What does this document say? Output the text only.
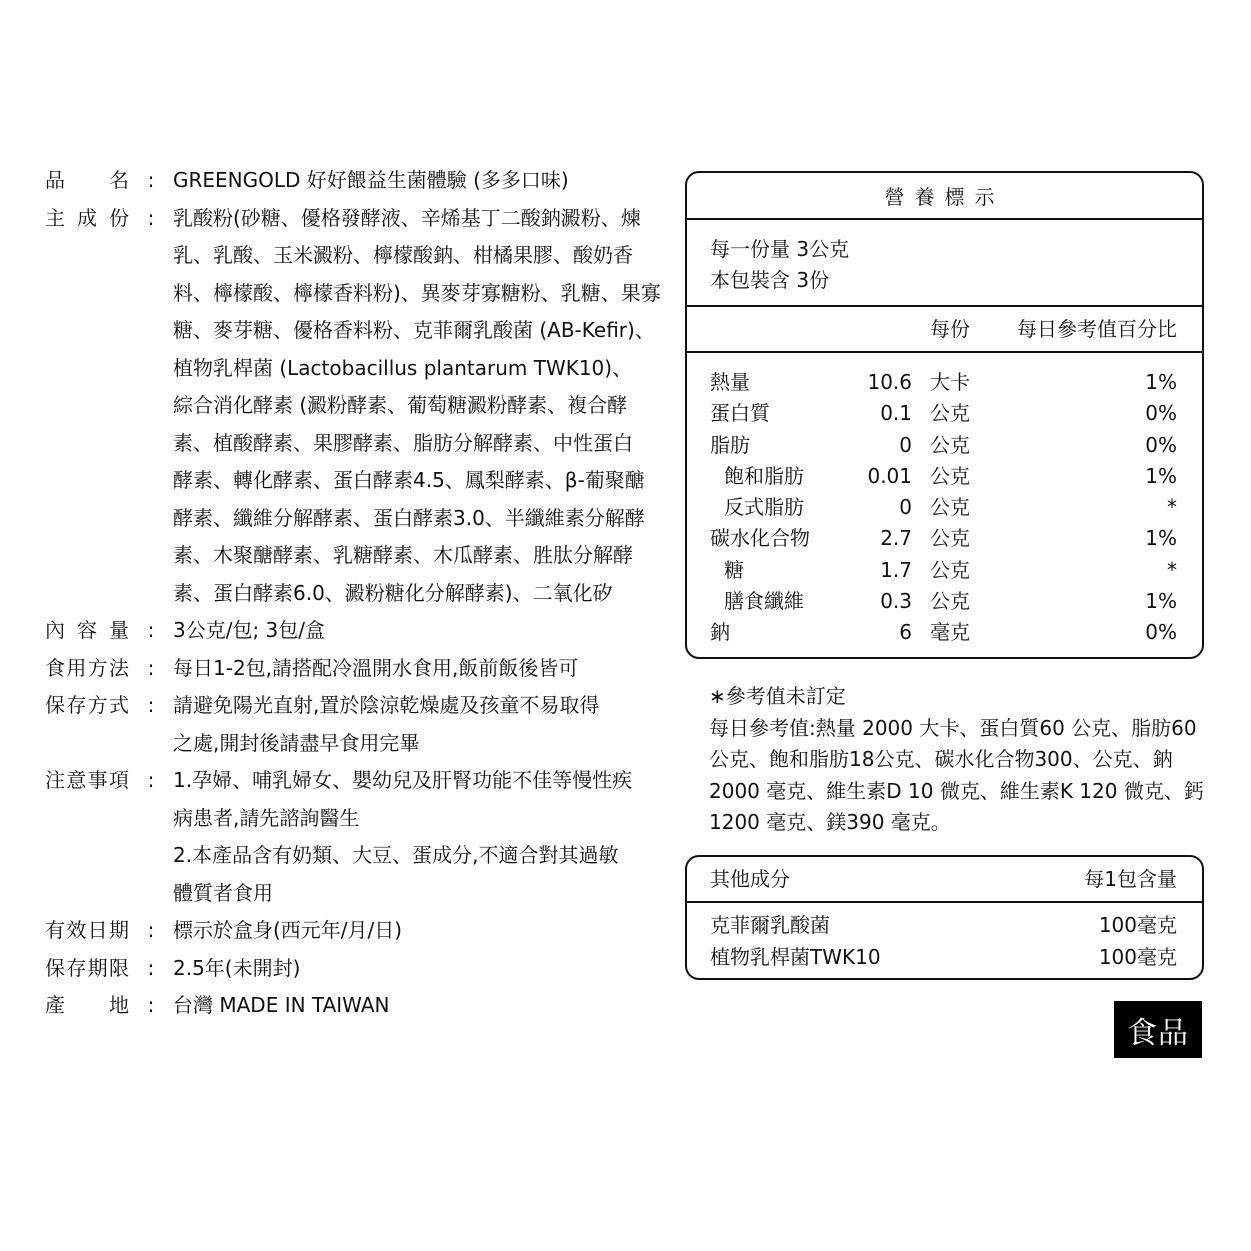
品名 : GREENGOLD 好好餵益生菌體驗 (多多口味)
主成份 : 乳酸粉(砂糖、優格發酵液、辛烯基丁二酸鈉澱粉、煉
乳、乳酸、玉米澱粉、檸檬酸鈉、柑橘果膠、酸奶香
料、檸檬酸、檸檬香料粉)、異麥芽寡糖粉、乳糖、果寡
糖、麥芽糖、優格香料粉、克菲爾乳酸菌 (AB-Kefir)、
植物乳桿菌 (Lactobacillus plantarum TWK10)、
綜合消化酵素 (澱粉酵素、葡萄糖澱粉酵素、複合酵
素、植酸酵素、果膠酵素、脂肪分解酵素、中性蛋白
酵素、轉化酵素、蛋白酵素4.5、鳳梨酵素、β-葡聚醣
酵素、纖維分解酵素、蛋白酵素3.0、半纖維素分解酵
素、木聚醣酵素、乳糖酵素、木瓜酵素、胜肽分解酵
素、蛋白酵素6.0、澱粉糖化分解酵素)、二氧化矽
內容量 : 3公克/包; 3包/盒
食用方法 : 每日1-2包,請搭配冷溫開水食用,飯前飯後皆可
保存方式 : 請避免陽光直射,置於陰涼乾燥處及孩童不易取得
之處,開封後請盡早食用完畢
注意事項 : 1.孕婦、哺乳婦女、嬰幼兒及肝腎功能不佳等慢性疾
病患者,請先諮詢醫生
2.本產品含有奶類、大豆、蛋成分,不適合對其過敏
體質者食用
有效日期 : 標示於盒身(西元年/月/日)
保存期限 : 2.5年(未開封)
產地 : 台灣 MADE IN TAIWAN
營養標示
每一份量 3公克
本包裝含 3份
每份 每日參考值百分比
熱量	10.6 大卡	1%
蛋白質	0.1 公克	0%
脂肪	0 公克	0%
飽和脂肪	0.01 公克	1%
反式脂肪	0 公克	*
碳水化合物	2.7 公克	1%
糖	1.7 公克	*
膳食纖維	0.3 公克	1%
鈉	6 毫克	0%
∗參考值未訂定
每日參考值:熱量 2000 大卡、蛋白質60 公克、脂肪60
公克、飽和脂肪18公克、碳水化合物300、公克、鈉
2000 毫克、維生素D 10 微克、維生素K 120 微克、鈣
1200 毫克、鎂390 毫克。
其他成分	每1包含量
克菲爾乳酸菌	100毫克
植物乳桿菌TWK10	100毫克
食品
